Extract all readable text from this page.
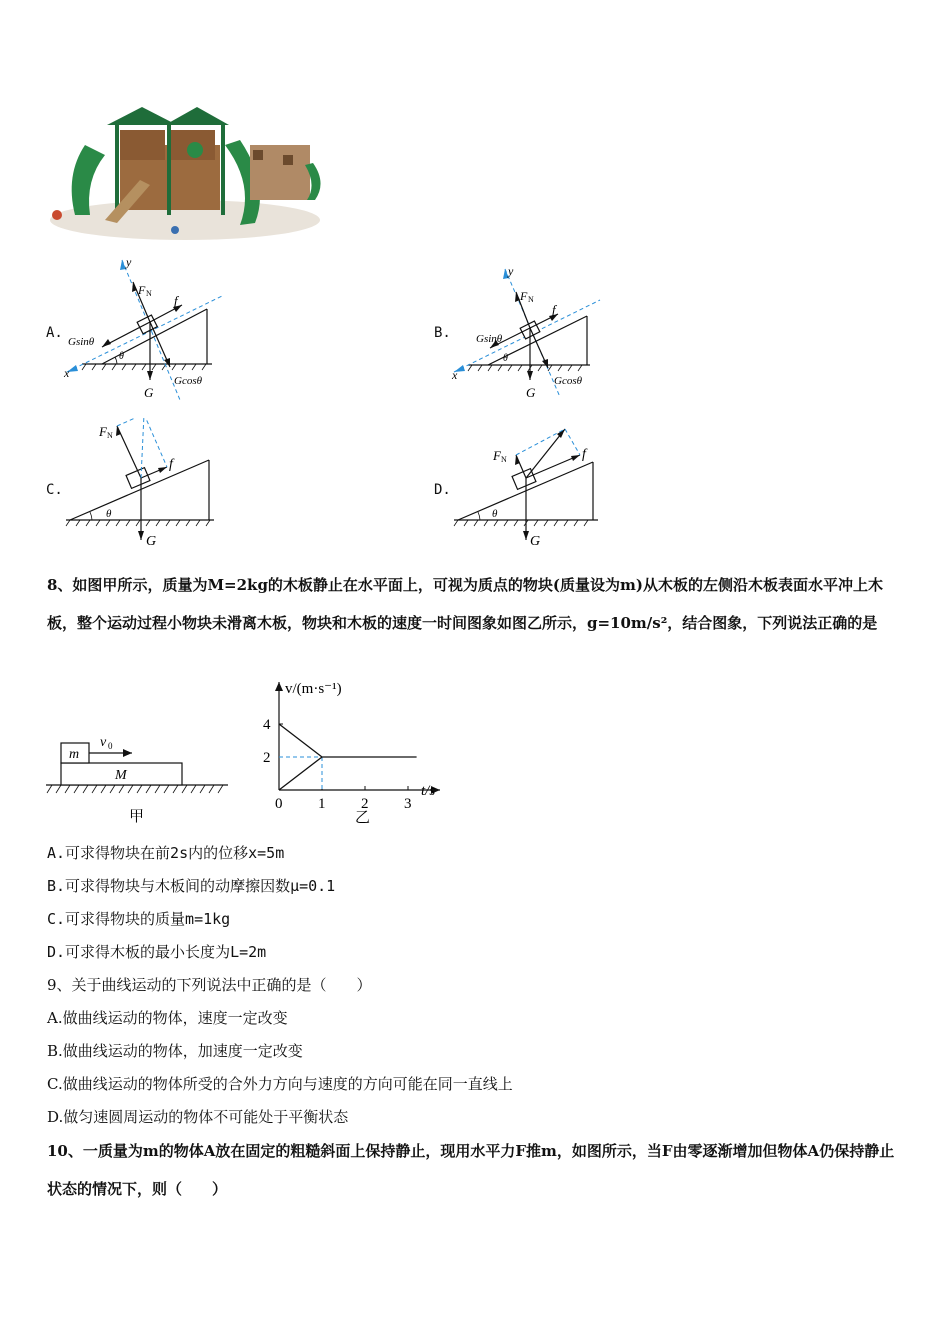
A.	B.
C.	D.
y
x
F N f
Gsinθ
Gcosθ
G
θ
y
x
F N
f
Gsinθ
Gcosθ
G
θ
F N
f
G
θ
F N	f
G
θ
8、如图甲所示，质量为M=2kg的木板静止在水平面上，可视为质点的物块(质量设为m)从木板的左侧沿木板表面水平冲上木板，整个运动过程小物块未滑离木板，物块和木板的速度一时间图象如图乙所示，g=10m/s²，结合图象，下列说法正确的是
m
M
v 0
甲
0 1 2 3
2
4
v/(m·s⁻¹)
t/s
乙
A.可求得物块在前2s内的位移x=5m
B.可求得物块与木板间的动摩擦因数μ=0.1
C.可求得物块的质量m=1kg
D.可求得木板的最小长度为L=2m
9、关于曲线运动的下列说法中正确的是（　　）
A.做曲线运动的物体，速度一定改变
B.做曲线运动的物体，加速度一定改变
C.做曲线运动的物体所受的合外力方向与速度的方向可能在同一直线上
D.做匀速圆周运动的物体不可能处于平衡状态
10、一质量为m的物体A放在固定的粗糙斜面上保持静止，现用水平力F推m，如图所示，当F由零逐渐增加但物体A仍保持静止状态的情况下，则（　　）
